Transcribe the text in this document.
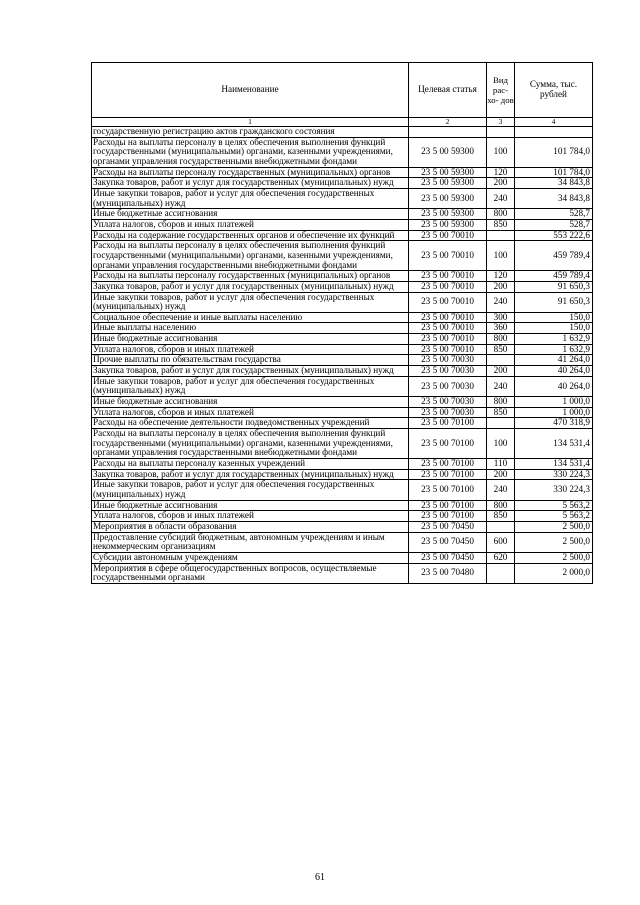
Наименование	Целевая статья	Вид рас- хо- дов	Сумма, тыс. рублей
1	2	3	4
государственную регистрацию актов гражданского состояния			
Расходы на выплаты персоналу в целях обеспечения выполнения функций государственными (муниципальными) органами, казенными учреждениями, органами управления государственными внебюджетными фондами	23 5 00 59300	100	101 784,0
Расходы на выплаты персоналу государственных (муниципальных) органов	23 5 00 59300	120	101 784,0
Закупка товаров, работ и услуг для государственных (муниципальных) нужд	23 5 00 59300	200	34 843,8
Иные закупки товаров, работ и услуг для обеспечения государственных (муниципальных) нужд	23 5 00 59300	240	34 843,8
Иные бюджетные ассигнования	23 5 00 59300	800	528,7
Уплата налогов, сборов и иных платежей	23 5 00 59300	850	528,7
Расходы на содержание государственных органов и обеспечение их функций	23 5 00 70010		553 222,6
Расходы на выплаты персоналу в целях обеспечения выполнения функций государственными (муниципальными) органами, казенными учреждениями, органами управления государственными внебюджетными фондами	23 5 00 70010	100	459 789,4
Расходы на выплаты персоналу государственных (муниципальных) органов	23 5 00 70010	120	459 789,4
Закупка товаров, работ и услуг для государственных (муниципальных) нужд	23 5 00 70010	200	91 650,3
Иные закупки товаров, работ и услуг для обеспечения государственных (муниципальных) нужд	23 5 00 70010	240	91 650,3
Социальное обеспечение и иные выплаты населению	23 5 00 70010	300	150,0
Иные выплаты населению	23 5 00 70010	360	150,0
Иные бюджетные ассигнования	23 5 00 70010	800	1 632,9
Уплата налогов, сборов и иных платежей	23 5 00 70010	850	1 632,9
Прочие выплаты по обязательствам государства	23 5 00 70030		41 264,0
Закупка товаров, работ и услуг для государственных (муниципальных) нужд	23 5 00 70030	200	40 264,0
Иные закупки товаров, работ и услуг для обеспечения государственных (муниципальных) нужд	23 5 00 70030	240	40 264,0
Иные бюджетные ассигнования	23 5 00 70030	800	1 000,0
Уплата налогов, сборов и иных платежей	23 5 00 70030	850	1 000,0
Расходы на обеспечение деятельности подведомственных учреждений	23 5 00 70100		470 318,9
Расходы на выплаты персоналу в целях обеспечения выполнения функций государственными (муниципальными) органами, казенными учреждениями, органами управления государственными внебюджетными фондами	23 5 00 70100	100	134 531,4
Расходы на выплаты персоналу казенных учреждений	23 5 00 70100	110	134 531,4
Закупка товаров, работ и услуг для государственных (муниципальных) нужд	23 5 00 70100	200	330 224,3
Иные закупки товаров, работ и услуг для обеспечения государственных (муниципальных) нужд	23 5 00 70100	240	330 224,3
Иные бюджетные ассигнования	23 5 00 70100	800	5 563,2
Уплата налогов, сборов и иных платежей	23 5 00 70100	850	5 563,2
Мероприятия в области образования	23 5 00 70450		2 500,0
Предоставление субсидий бюджетным, автономным учреждениям и иным некоммерческим организациям	23 5 00 70450	600	2 500,0
Субсидии автономным учреждениям	23 5 00 70450	620	2 500,0
Мероприятия в сфере общегосударственных вопросов, осуществляемые государственными органами	23 5 00 70480		2 000,0
61
